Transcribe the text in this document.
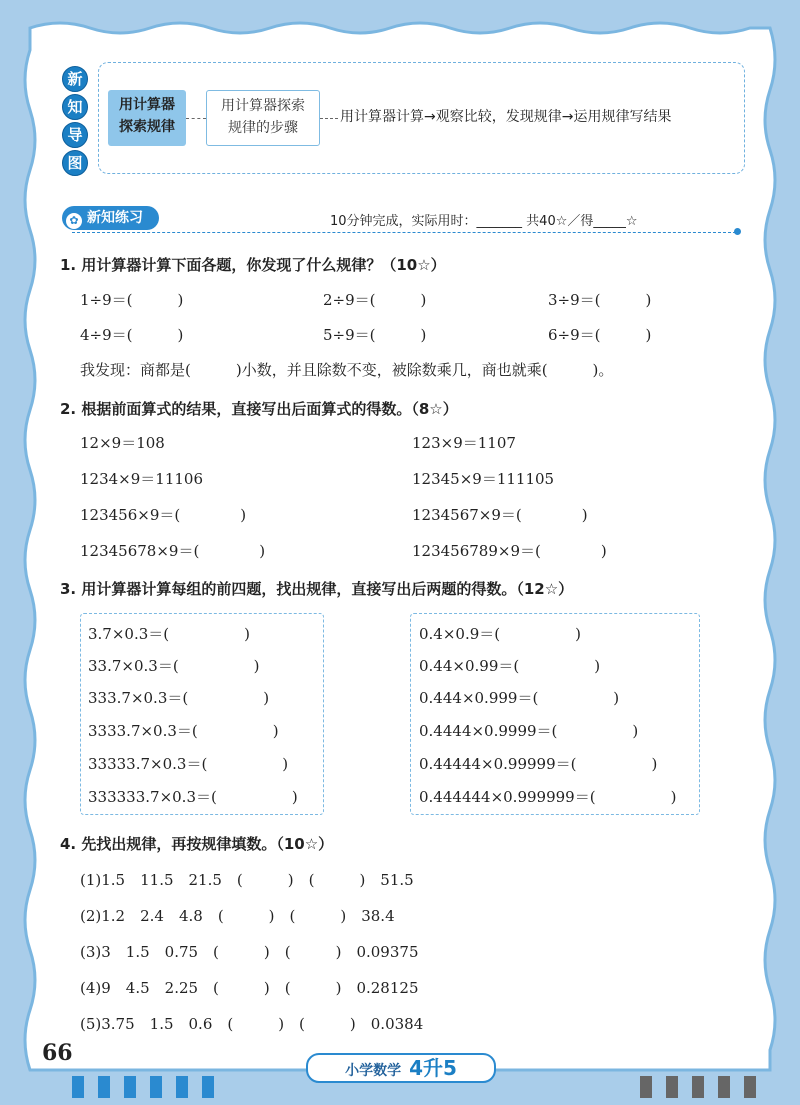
新
知
导
图
用计算器
探索规律
用计算器探索
规律的步骤
用计算器计算→观察比较，发现规律→运用规律写结果
✿ 新知练习	10分钟完成，实际用时：_______ 共40☆／得_____☆
1. 用计算器计算下面各题，你发现了什么规律？（10☆）
1÷9＝(　　　)	2÷9＝(　　　)	3÷9＝(　　　)
4÷9＝(　　　)	5÷9＝(　　　)	6÷9＝(　　　)
我发现：商都是(　　　)小数，并且除数不变，被除数乘几，商也就乘(　　　)。
2. 根据前面算式的结果，直接写出后面算式的得数。（8☆）
12×9＝108	123×9＝1107
1234×9＝11106	12345×9＝111105
123456×9＝(　　　　)	1234567×9＝(　　　　)
12345678×9＝(　　　　)	123456789×9＝(　　　　)
3. 用计算器计算每组的前四题，找出规律，直接写出后两题的得数。（12☆）
3.7×0.3＝(　　　　　)
33.7×0.3＝(　　　　　)
333.7×0.3＝(　　　　　)
3333.7×0.3＝(　　　　　)
33333.7×0.3＝(　　　　　)
333333.7×0.3＝(　　　　　)
0.4×0.9＝(　　　　　)
0.44×0.99＝(　　　　　)
0.444×0.999＝(　　　　　)
0.4444×0.9999＝(　　　　　)
0.44444×0.99999＝(　　　　　)
0.444444×0.999999＝(　　　　　)
4. 先找出规律，再按规律填数。（10☆）
(1)1.5　11.5　21.5　(　　　)　(　　　)　51.5
(2)1.2　2.4　4.8　(　　　)　(　　　)　38.4
(3)3　1.5　0.75　(　　　)　(　　　)　0.09375
(4)9　4.5　2.25　(　　　)　(　　　)　0.28125
(5)3.75　1.5　0.6　(　　　)　(　　　)　0.0384
66
小学数学 4升5
